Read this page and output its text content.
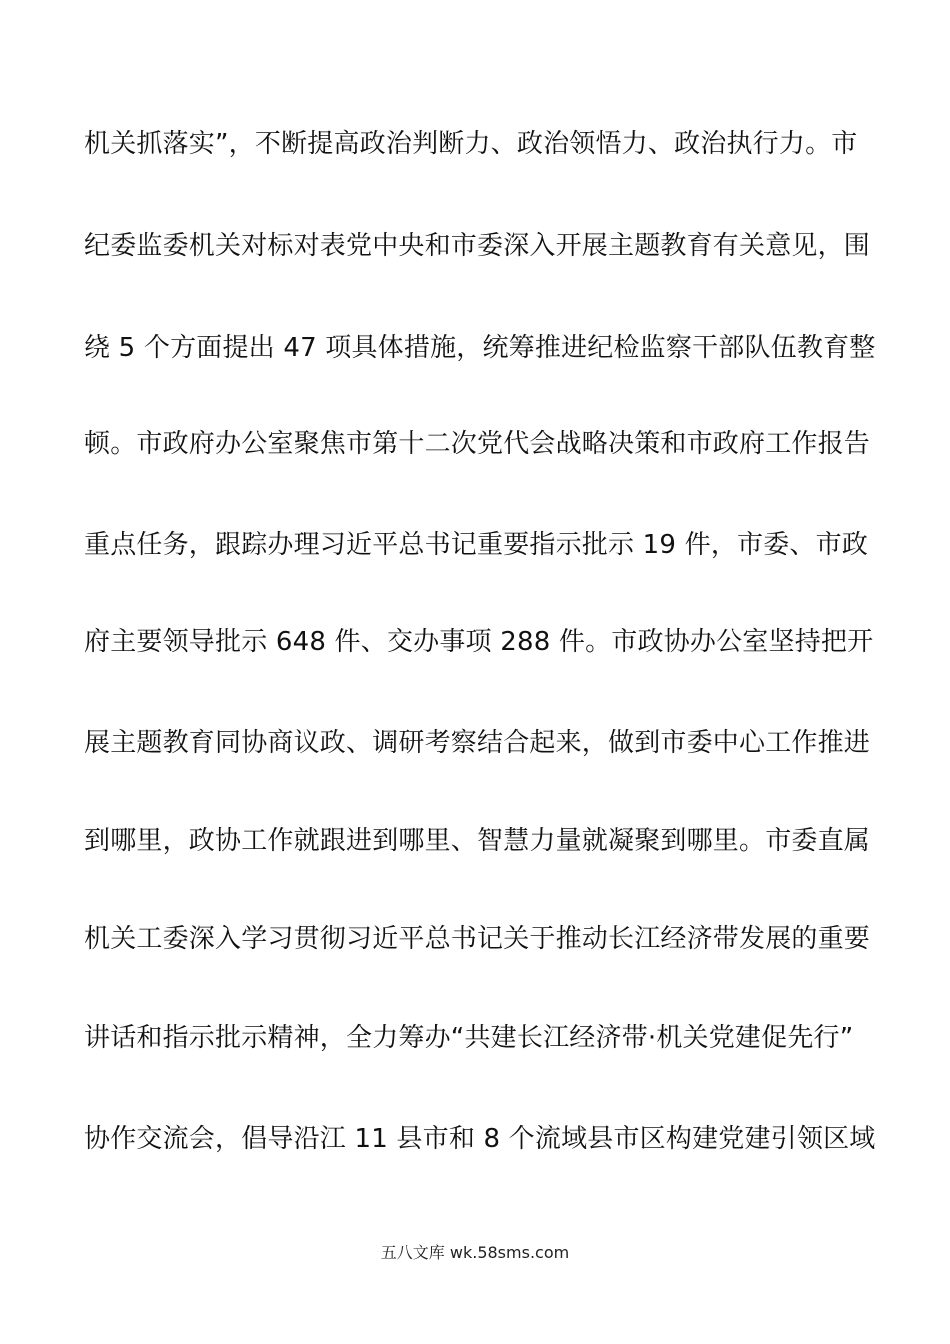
机关抓落实”，不断提高政治判断力、政治领悟力、政治执行力。市
纪委监委机关对标对表党中央和市委深入开展主题教育有关意见，围
绕 5 个方面提出 47 项具体措施，统筹推进纪检监察干部队伍教育整
顿。市政府办公室聚焦市第十二次党代会战略决策和市政府工作报告
重点任务，跟踪办理习近平总书记重要指示批示 19 件，市委、市政
府主要领导批示 648 件、交办事项 288 件。市政协办公室坚持把开
展主题教育同协商议政、调研考察结合起来，做到市委中心工作推进
到哪里，政协工作就跟进到哪里、智慧力量就凝聚到哪里。市委直属
机关工委深入学习贯彻习近平总书记关于推动长江经济带发展的重要
讲话和指示批示精神，全力筹办“共建长江经济带·机关党建促先行”
协作交流会，倡导沿江 11 县市和 8 个流域县市区构建党建引领区域
五八文库 wk.58sms.com
